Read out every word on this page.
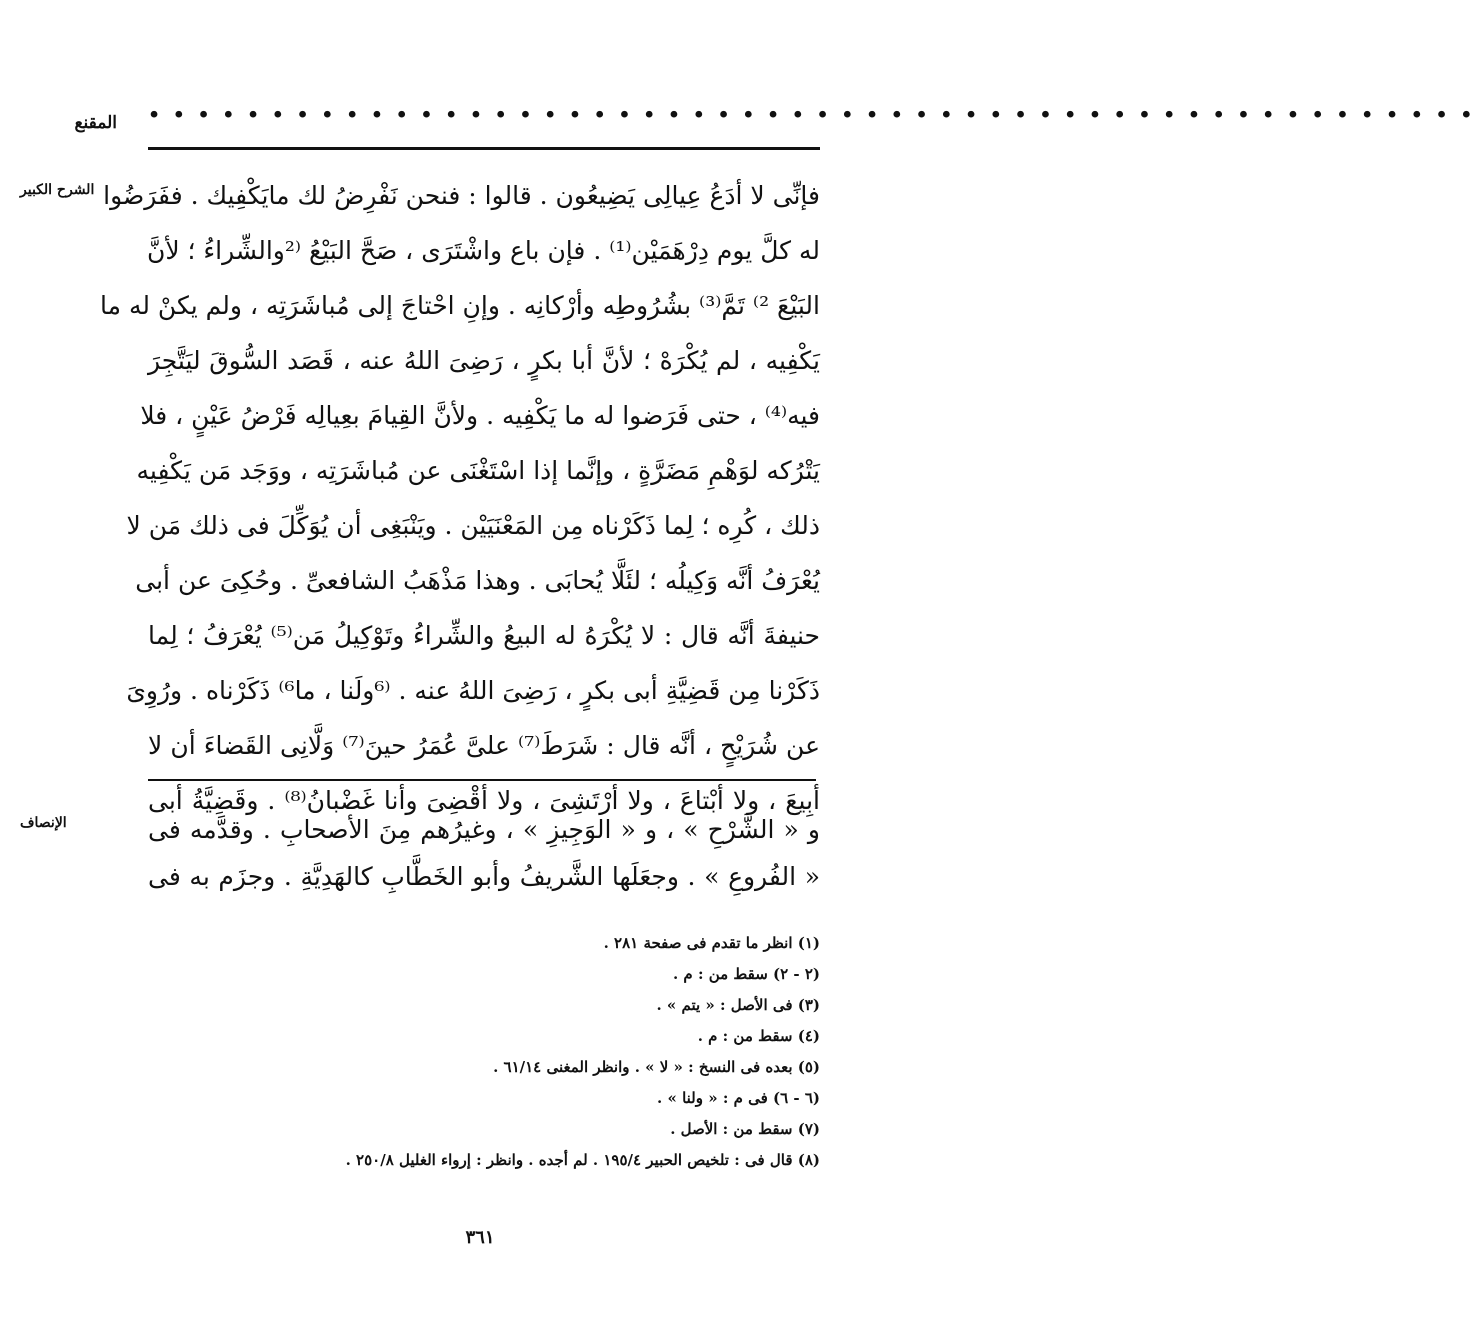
المقنع • • • • • • • • • • • • • • • • • • • • • • • • • • • • • • • • • • • • • • • • • • • • • • • • • • • • • •
الشرح الكبير فإنِّى لا أدَعُ عِيالِى يَضِيعُون . قالوا : فنحن نَفْرِضُ لك مايَكْفِيك . ففَرَضُوا
له كلَّ يوم دِرْهَمَيْن⁽¹⁾ . فإن باع واشْتَرَى ، صَحَّ البَيْعُ ⁽²والشِّراءُ ؛ لأنَّ
البَيْعَ ²⁾ تَمَّ⁽³⁾ بشُرُوطِه وأرْكانِه . وإنِ احْتاجَ إلى مُباشَرَتِه ، ولم يكنْ له ما
يَكْفِيه ، لم يُكْرَهْ ؛ لأنَّ أبا بكرٍ ، رَضِىَ اللهُ عنه ، قَصَد السُّوقَ ليَتَّجِرَ
فيه⁽⁴⁾ ، حتى فَرَضوا له ما يَكْفِيه . ولأنَّ القِيامَ بعِيالِه فَرْضُ عَيْنٍ ، فلا
يَتْرُكه لوَهْمِ مَضَرَّةٍ ، وإنَّما إذا اسْتَغْنَى عن مُباشَرَتِه ، ووَجَد مَن يَكْفِيه
ذلك ، كُرِه ؛ لِما ذَكَرْناه مِن المَعْنَيَيْن . ويَنْبَغِى أن يُوَكِّلَ فى ذلك مَن لا
يُعْرَفُ أنَّه وَكِيلُه ؛ لئَلَّا يُحابَى . وهذا مَذْهَبُ الشافعىِّ . وحُكِىَ عن أبى
حنيفةَ أنَّه قال : لا يُكْرَهُ له البيعُ والشِّراءُ وتَوْكِيلُ مَن⁽⁵⁾ يُعْرَفُ ؛ لِما
ذَكَرْنا مِن قَضِيَّةِ أبى بكرٍ ، رَضِىَ اللهُ عنه . ⁽⁶ولَنا ، ما⁶⁾ ذَكَرْناه . ورُوِىَ
عن شُرَيْحٍ ، أنَّه قال : شَرَطَ⁽⁷⁾ علىَّ عُمَرُ حينَ⁽⁷⁾ وَلَّانِى القَضاءَ أن لا
أبِيعَ ، ولا أبْتاعَ ، ولا أرْتَشِىَ ، ولا أقْضِىَ وأنا غَضْبانُ⁽⁸⁾ . وقَضِيَّةُ أبى
الإنصاف	و « الشَّرْحِ » ، و « الوَجِيزِ » ، وغيرُهم مِنَ الأصحابِ . وقدَّمه فى
« الفُروعِ » . وجعَلَها الشَّريفُ وأبو الخَطَّابِ كالهَدِيَّةِ . وجزَم به فى
(١) انظر ما تقدم فى صفحة ٢٨١ .
(٢ - ٢) سقط من : م .
(٣) فى الأصل : « يتم » .
(٤) سقط من : م .
(٥) بعده فى النسخ : « لا » . وانظر المغنى ٦١/١٤ .
(٦ - ٦) فى م : « ولنا » .
(٧) سقط من : الأصل .
(٨) قال فى : تلخيص الحبير ١٩٥/٤ . لم أجده . وانظر : إرواء الغليل ٢٥٠/٨ .
٣٦١
